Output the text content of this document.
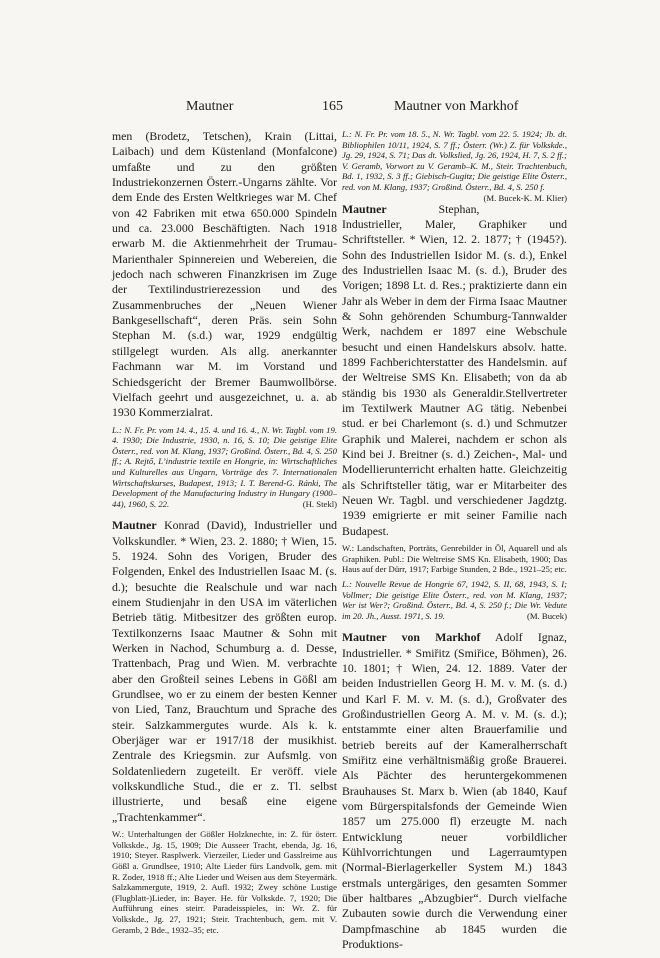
Mautner	165	Mautner von Markhof

men (Brodetz, Tetschen), Krain (Littai, Laibach) und dem Küstenland (Monfalcone) umfaßte und zu den größten Industriekonzernen Österr.-Ungarns zählte. Vor dem Ende des Ersten Weltkrieges war M. Chef von 42 Fabriken mit etwa 650.000 Spindeln und ca. 23.000 Beschäftigten. Nach 1918 erwarb M. die Aktienmehrheit der Trumau-Marienthaler Spinnereien und Webereien, die jedoch nach schweren Finanzkrisen im Zuge der Textilindustrierezession und des Zusammenbruches der „Neuen Wiener Bankgesellschaft“, deren Präs. sein Sohn Stephan M. (s.d.) war, 1929 endgültig stillgelegt wurden. Als allg. anerkannter Fachmann war M. im Vorstand und Schiedsgericht der Bremer Baumwollbörse. Vielfach geehrt und ausgezeichnet, u. a. ab 1930 Kommerzialrat.

L.: N. Fr. Pr. vom 14. 4., 15. 4. und 16. 4., N. Wr. Tagbl. vom 19. 4. 1930; Die Industrie, 1930, n. 16, S. 10; Die geistige Elite Österr., red. von M. Klang, 1937; Großind. Österr., Bd. 4, S. 250 ff.; A. Rejtő, L’industrie textile en Hongrie, in: Wirtschaftliches und Kulturelles aus Ungarn, Vorträge des 7. Internationalen Wirtschaftskurses, Budapest, 1913; I. T. Berend-G. Ránki, The Development of the Manufacturing Industry in Hungary (1900–44), 1960, S. 22.	(H. Stekl)

Mautner Konrad (David), Industrieller und Volkskundler. * Wien, 23. 2. 1880; † Wien, 15. 5. 1924. Sohn des Vorigen, Bruder des Folgenden, Enkel des Industriellen Isaac M. (s. d.); besuchte die Realschule und war nach einem Studienjahr in den USA im väterlichen Betrieb tätig. Mitbesitzer des größten europ. Textilkonzerns Isaac Mautner & Sohn mit Werken in Nachod, Schumburg a. d. Desse, Trattenbach, Prag und Wien. M. verbrachte aber den Großteil seines Lebens in Gößl am Grundlsee, wo er zu einem der besten Kenner von Lied, Tanz, Brauchtum und Sprache des steir. Salzkammergutes wurde. Als k. k. Oberjäger war er 1917/18 der musikhist. Zentrale des Kriegsmin. zur Aufsmlg. von Soldatenliedern zugeteilt. Er veröff. viele volkskundliche Stud., die er z. Tl. selbst illustrierte, und besaß eine eigene „Trachtenkammer“.

W.: Unterhaltungen der Gößler Holzknechte, in: Z. für österr. Volkskde., Jg. 15, 1909; Die Ausseer Tracht, ebenda, Jg. 16, 1910; Steyer. Rasplwerk. Vierzeiler, Lieder und Gasslreime aus Gößl a. Grundlsee, 1910; Alte Lieder fürs Landvolk, gem. mit R. Zoder, 1918 ff.; Alte Lieder und Weisen aus dem Steyermärk. Salzkammergute, 1919, 2. Aufl. 1932; Zwey schöne Lustige (Flugblatt-)Lieder, in: Bayer. He. für Volkskde. 7, 1920; Die Aufführung eines steirr. Paradeisspieles, in: Wr. Z. für Volkskde., Jg. 27, 1921; Steir. Trachtenbuch, gem. mit V. Geramb, 2 Bde., 1932–35; etc.

L.: N. Fr. Pr. vom 18. 5., N. Wr. Tagbl. vom 22. 5. 1924; Jb. dt. Bibliophilen 10/11, 1924, S. 7 ff.; Österr. (Wr.) Z. für Volkskde., Jg. 29, 1924, S. 71; Das dt. Volkslied, Jg. 26, 1924, H. 7, S. 2 ff.; V. Geramb, Vorwort zu V. Geramb–K. M., Steir. Trachtenbuch, Bd. 1, 1932, S. 3 ff.; Giebisch-Gugitz; Die geistige Elite Österr., red. von M. Klang, 1937; Großind. Österr., Bd. 4, S. 250 f.
(M. Bucek-K. M. Klier)

Mautner	Stephan, Industrieller, Maler, Graphiker und Schriftsteller. * Wien, 12. 2. 1877; † (1945?). Sohn des Industriellen Isidor M. (s. d.), Enkel des Industriellen Isaac M. (s. d.), Bruder des Vorigen; 1898 Lt. d. Res.; praktizierte dann ein Jahr als Weber in dem der Firma Isaac Mautner & Sohn gehörenden Schumburg-Tannwalder Werk, nachdem er 1897 eine Webschule besucht und einen Handelskurs absolv. hatte. 1899 Fachberichterstatter des Handelsmin. auf der Weltreise SMS Kn. Elisabeth; von da ab ständig bis 1930 als Generaldir.Stellvertreter im Textilwerk Mautner AG tätig. Nebenbei stud. er bei Charlemont (s. d.) und Schmutzer Graphik und Malerei, nachdem er schon als Kind bei J. Breitner (s. d.) Zeichen-, Mal- und Modellierunterricht erhalten hatte. Gleichzeitig als Schriftsteller tätig, war er Mitarbeiter des Neuen Wr. Tagbl. und verschiedener Jagdztg. 1939 emigrierte er mit seiner Familie nach Budapest.

W.: Landschaften, Porträts, Genrebilder in Öl, Aquarell und als Graphiken. Publ.: Die Weltreise SMS Kn. Elisabeth, 1900; Das Haus auf der Dürr, 1917; Farbige Stunden, 2 Bde., 1921–25; etc.

L.: Nouvelle Revue de Hongrie 67, 1942, S. II, 68, 1943, S. I; Vollmer; Die geistige Elite Österr., red. von M. Klang, 1937; Wer ist Wer?; Großind. Österr., Bd. 4, S. 250 f.; Die Wr. Vedute im 20. Jh., Ausst. 1971, S. 19.	(M. Bucek)

Mautner von Markhof Adolf Ignaz, Industrieller. * Smiřitz (Smiřice, Böhmen), 26. 10. 1801; † Wien, 24. 12. 1889. Vater der beiden Industriellen Georg H. M. v. M. (s. d.) und Karl F. M. v. M. (s. d.), Großvater des Großindustriellen Georg A. M. v. M. (s. d.); entstammte einer alten Brauerfamilie und betrieb bereits auf der Kameralherrschaft Smiřitz eine verhältnismäßig große Brauerei. Als Pächter des heruntergekommenen Brauhauses St. Marx b. Wien (ab 1840, Kauf vom Bürgerspitalsfonds der Gemeinde Wien 1857 um 275.000 fl) erzeugte M. nach Entwicklung neuer vorbildlicher Kühlvorrichtungen und Lagerraumtypen (Normal-Bierlagerkeller System M.) 1843 erstmals untergäriges, den gesamten Sommer über haltbares „Abzugbier“. Durch vielfache Zubauten sowie durch die Verwendung einer Dampfmaschine ab 1845 wurden die Produktions-
